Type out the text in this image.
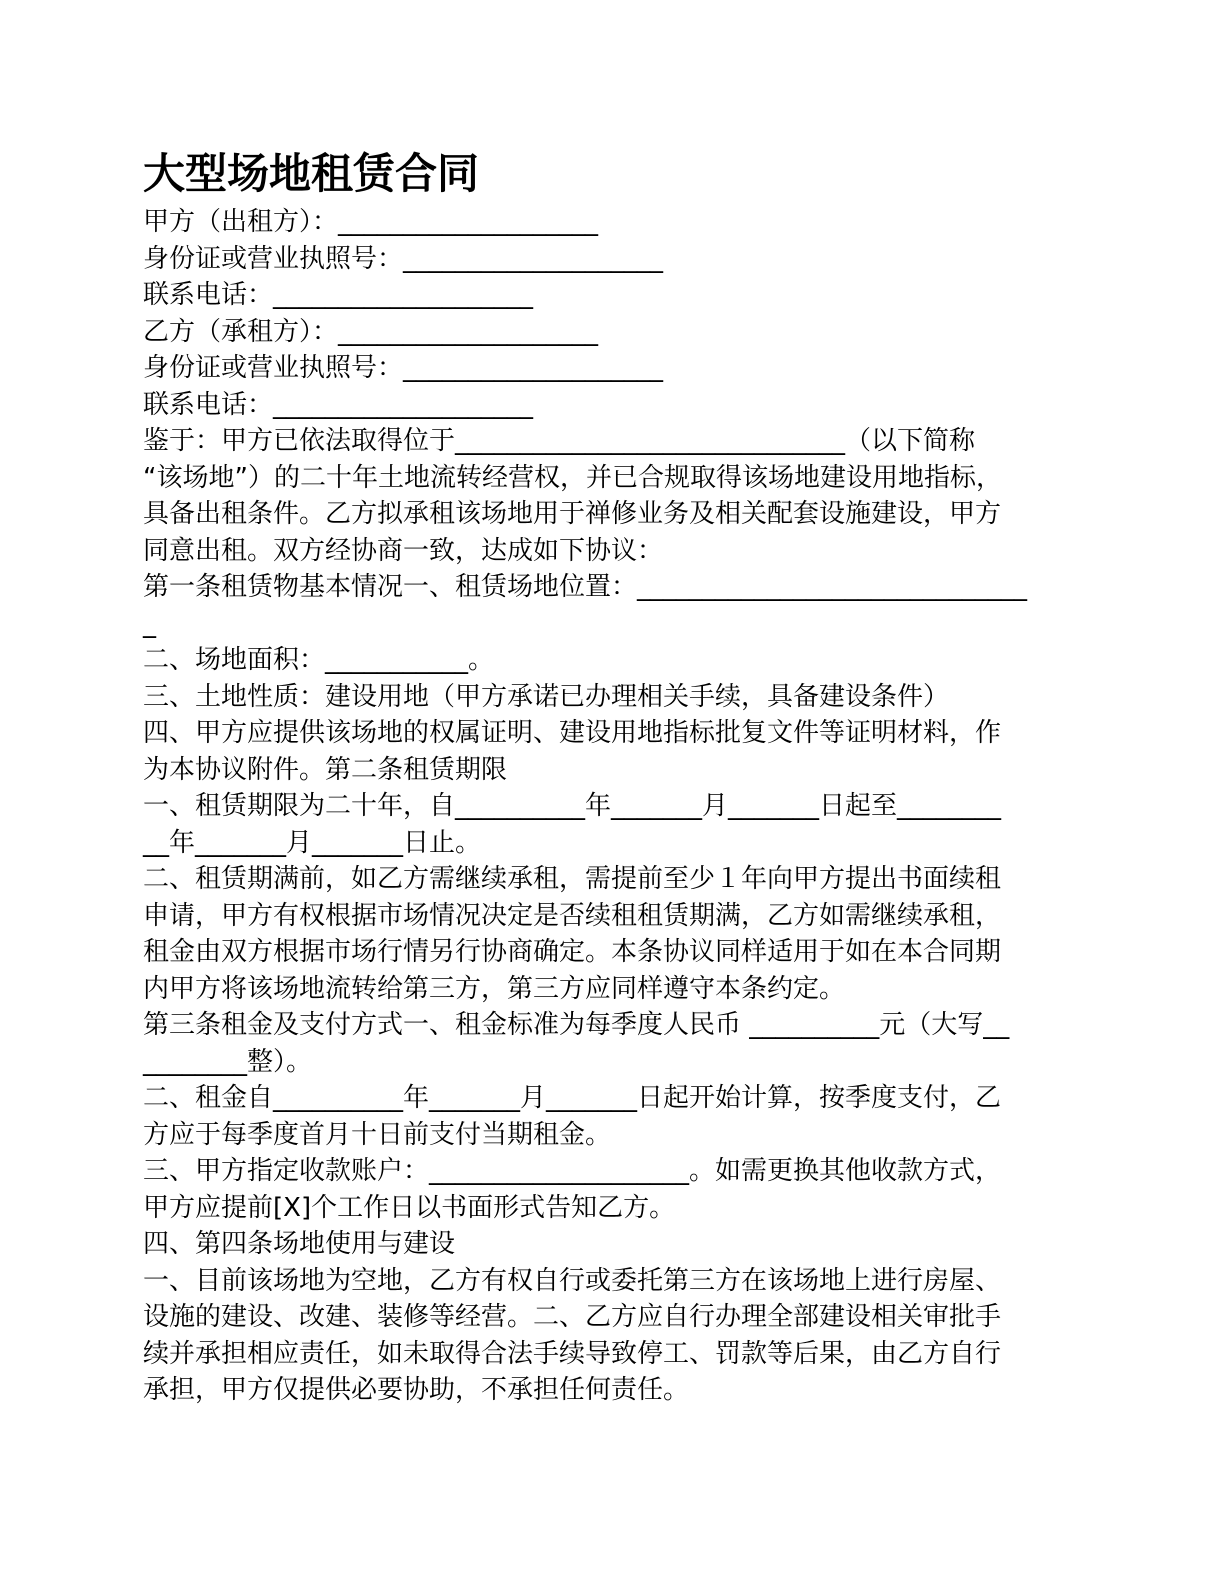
大型场地租赁合同

甲方（出租方）：____________________

身份证或营业执照号：____________________

联系电话：____________________

乙方（承租方）：____________________

身份证或营业执照号：____________________

联系电话：____________________

鉴于：甲方已依法取得位于______________________________（以下简称

“该场地”）的二十年土地流转经营权，并已合规取得该场地建设用地指标，

具备出租条件。乙方拟承租该场地用于禅修业务及相关配套设施建设，甲方

同意出租。双方经协商一致，达成如下协议：

第一条租赁物基本情况一、租赁场地位置：______________________________

_

二、场地面积：___________。

三、土地性质：建设用地（甲方承诺已办理相关手续，具备建设条件）

四、甲方应提供该场地的权属证明、建设用地指标批复文件等证明材料，作

为本协议附件。第二条租赁期限

一、租赁期限为二十年，自__________年_______月_______日起至________

__年_______月_______日止。

二、租赁期满前，如乙方需继续承租，需提前至少１年向甲方提出书面续租

申请，甲方有权根据市场情况决定是否续租租赁期满，乙方如需继续承租，

租金由双方根据市场行情另行协商确定。本条协议同样适用于如在本合同期

内甲方将该场地流转给第三方，第三方应同样遵守本条约定。

第三条租金及支付方式一、租金标准为每季度人民币 __________元（大写__

________整）。

二、租金自__________年_______月_______日起开始计算，按季度支付，乙

方应于每季度首月十日前支付当期租金。

三、甲方指定收款账户：____________________。如需更换其他收款方式，

甲方应提前[X]个工作日以书面形式告知乙方。

四、第四条场地使用与建设

一、目前该场地为空地，乙方有权自行或委托第三方在该场地上进行房屋、

设施的建设、改建、装修等经营。二、乙方应自行办理全部建设相关审批手

续并承担相应责任，如未取得合法手续导致停工、罚款等后果，由乙方自行

承担，甲方仅提供必要协助，不承担任何责任。
